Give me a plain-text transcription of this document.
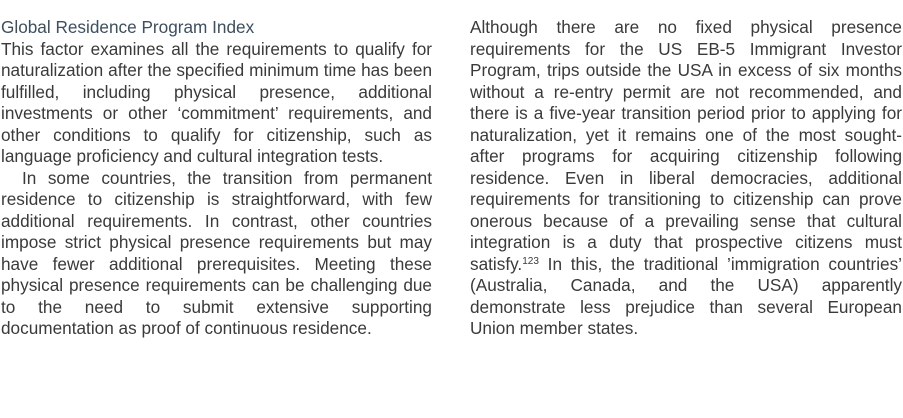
Global Residence Program Index

This factor examines all the requirements to qualify for naturalization after the specified minimum time has been fulfilled, including physical presence, additional investments or other ‘commitment’ requirements, and other conditions to qualify for citizenship, such as language proficiency and cultural integration tests.

In some countries, the transition from permanent residence to citizenship is straightforward, with few additional requirements. In contrast, other countries impose strict physical presence requirements but may have fewer additional prerequisites. Meeting these physical presence requirements can be challenging due to the need to submit extensive supporting documentation as proof of continuous residence.

Although there are no fixed physical presence requirements for the US EB-5 Immigrant Investor Program, trips outside the USA in excess of six months without a re-entry permit are not recommended, and there is a five-year transition period prior to applying for naturalization, yet it remains one of the most sought-after programs for acquiring citizenship following residence. Even in liberal democracies, additional requirements for transitioning to citizenship can prove onerous because of a prevailing sense that cultural integration is a duty that prospective citizens must satisfy.$^{123}$ In this, the traditional ’immigration countries’ (Australia, Canada, and the USA) apparently demonstrate less prejudice than several European Union member states.
